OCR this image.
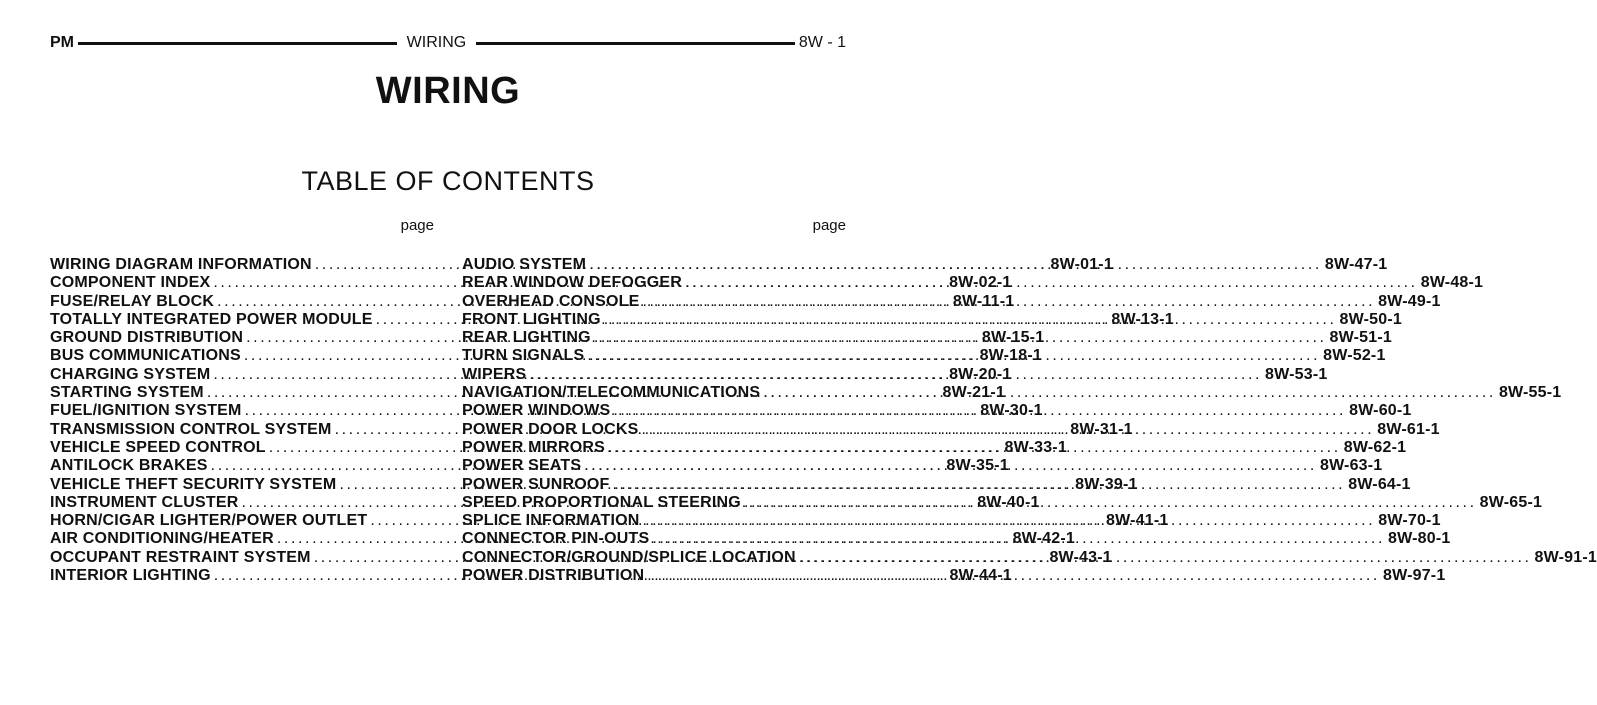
PM	WIRING	8W - 1
WIRING
TABLE OF CONTENTS
page
WIRING DIAGRAM INFORMATION .....	8W-01-1
COMPONENT INDEX .....	8W-02-1
FUSE/RELAY BLOCK .....	8W-11-1
TOTALLY INTEGRATED POWER MODULE .....	8W-13-1
GROUND DISTRIBUTION .....	8W-15-1
BUS COMMUNICATIONS .....	8W-18-1
CHARGING SYSTEM .....	8W-20-1
STARTING SYSTEM .....	8W-21-1
FUEL/IGNITION SYSTEM .....	8W-30-1
TRANSMISSION CONTROL SYSTEM .....	8W-31-1
VEHICLE SPEED CONTROL .....	8W-33-1
ANTILOCK BRAKES .....	8W-35-1
VEHICLE THEFT SECURITY SYSTEM .....	8W-39-1
INSTRUMENT CLUSTER .....	8W-40-1
HORN/CIGAR LIGHTER/POWER OUTLET .....	8W-41-1
AIR CONDITIONING/HEATER .....	8W-42-1
OCCUPANT RESTRAINT SYSTEM .....	8W-43-1
INTERIOR LIGHTING .....	8W-44-1
page
AUDIO SYSTEM .....	8W-47-1
REAR WINDOW DEFOGGER .....	8W-48-1
OVERHEAD CONSOLE .....	8W-49-1
FRONT LIGHTING .....	8W-50-1
REAR LIGHTING .....	8W-51-1
TURN SIGNALS .....	8W-52-1
WIPERS .....	8W-53-1
NAVIGATION/TELECOMMUNICATIONS .....	8W-55-1
POWER WINDOWS .....	8W-60-1
POWER DOOR LOCKS .....	8W-61-1
POWER MIRRORS .....	8W-62-1
POWER SEATS .....	8W-63-1
POWER SUNROOF .....	8W-64-1
SPEED PROPORTIONAL STEERING .....	8W-65-1
SPLICE INFORMATION .....	8W-70-1
CONNECTOR PIN-OUTS .....	8W-80-1
CONNECTOR/GROUND/SPLICE LOCATION .....	8W-91-1
POWER DISTRIBUTION .....	8W-97-1
